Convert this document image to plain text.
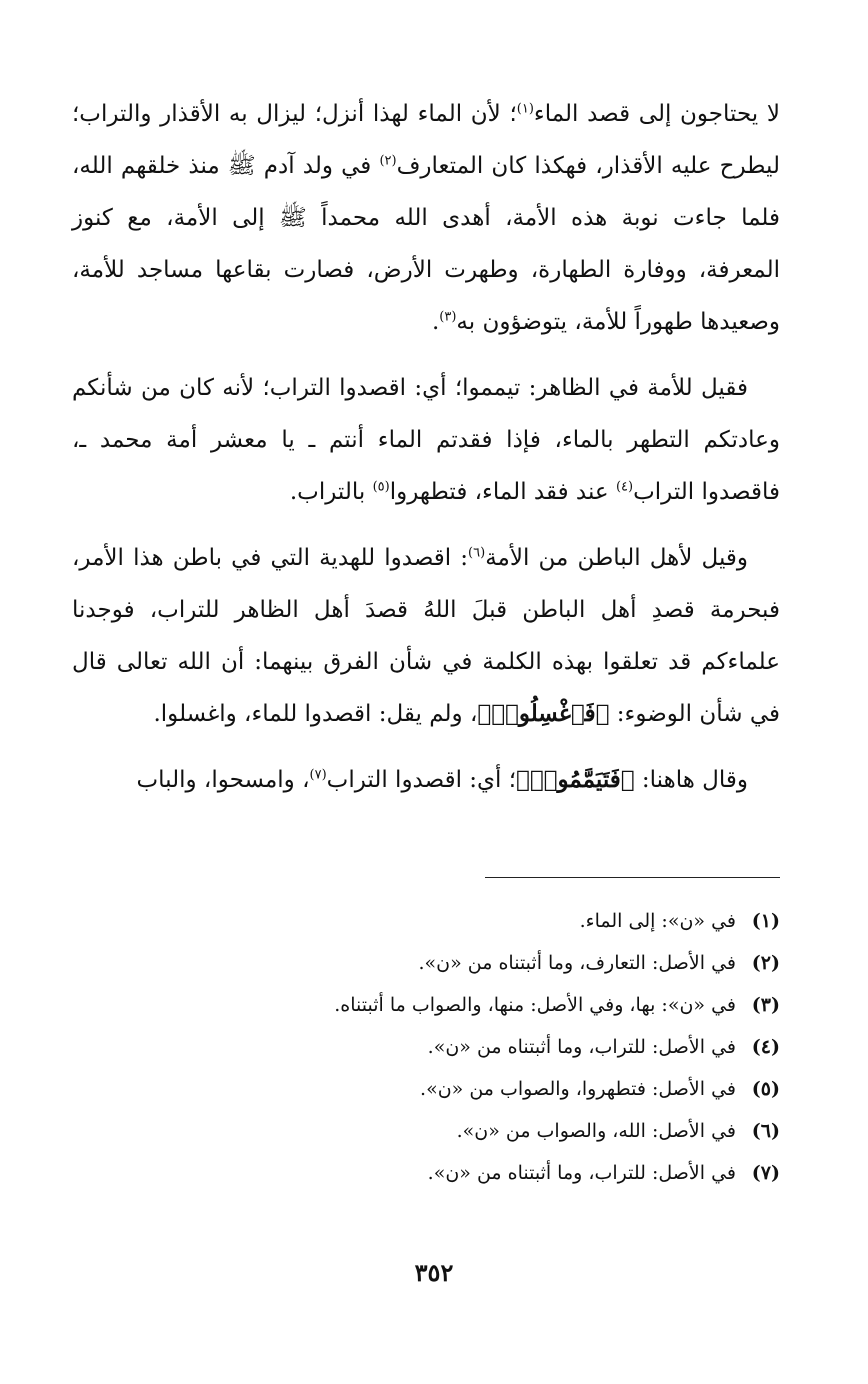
لا يحتاجون إلى قصد الماء$^{(١)}$؛ لأن الماء لهذا أنزل؛ ليزال به الأقذار والتراب؛ ليطرح عليه الأقذار، فهكذا كان المتعارف$^{(٢)}$ في ولد آدم ﷺ منذ خلقهم الله، فلما جاءت نوبة هذه الأمة، أهدى الله محمداً ﷺ إلى الأمة، مع كنوز المعرفة، ووفارة الطهارة، وطهرت الأرض، فصارت بقاعها مساجد للأمة، وصعيدها طهوراً للأمة، يتوضؤون به$^{(٣)}$.

فقيل للأمة في الظاهر: تيمموا؛ أي: اقصدوا التراب؛ لأنه كان من شأنكم وعادتكم التطهر بالماء، فإذا فقدتم الماء أنتم ـ يا معشر أمة محمد ـ، فاقصدوا التراب$^{(٤)}$ عند فقد الماء، فتطهروا$^{(٥)}$ بالتراب.

وقيل لأهل الباطن من الأمة$^{(٦)}$: اقصدوا للهدية التي في باطن هذا الأمر، فبحرمة قصدِ أهل الباطن قبلَ اللهُ قصدَ أهل الظاهر للتراب، فوجدنا علماءكم قد تعلقوا بهذه الكلمة في شأن الفرق بينهما: أن الله تعالى قال في شأن الوضوء: ﴿فَٱغْسِلُوا۟﴾، ولم يقل: اقصدوا للماء، واغسلوا.

وقال هاهنا: ﴿فَتَيَمَّمُوا۟﴾؛ أي: اقصدوا التراب$^{(٧)}$، وامسحوا، والباب

(١)في «ن»: إلى الماء.
(٢)في الأصل: التعارف، وما أثبتناه من «ن».
(٣)في «ن»: بها، وفي الأصل: منها، والصواب ما أثبتناه.
(٤)في الأصل: للتراب، وما أثبتناه من «ن».
(٥)في الأصل: فتطهروا، والصواب من «ن».
(٦)في الأصل: الله، والصواب من «ن».
(٧)في الأصل: للتراب، وما أثبتناه من «ن».
٣٥٢
